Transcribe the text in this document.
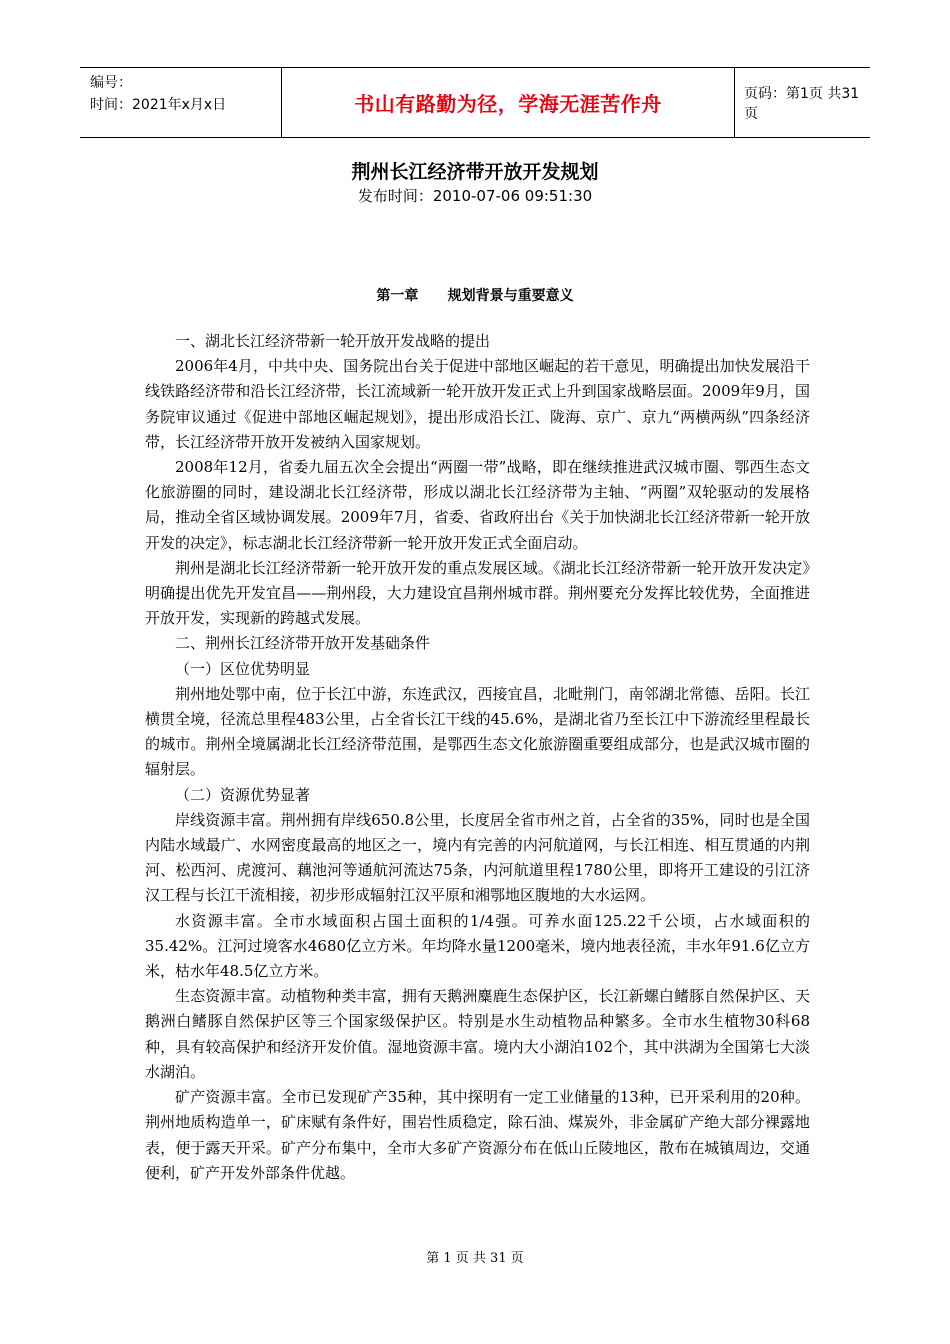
编号：
时间：2021年x月x日	书山有路勤为径，学海无涯苦作舟	页码：第1页 共31页
荆州长江经济带开放开发规划
发布时间：2010-07-06 09:51:30
第一章      规划背景与重要意义

一、湖北长江经济带新一轮开放开发战略的提出

2006年4月，中共中央、国务院出台关于促进中部地区崛起的若干意见，明确提出加快发展沿干线铁路经济带和沿长江经济带，长江流域新一轮开放开发正式上升到国家战略层面。2009年9月，国务院审议通过《促进中部地区崛起规划》，提出形成沿长江、陇海、京广、京九“两横两纵”四条经济带，长江经济带开放开发被纳入国家规划。

2008年12月，省委九届五次全会提出“两圈一带”战略，即在继续推进武汉城市圈、鄂西生态文化旅游圈的同时，建设湖北长江经济带，形成以湖北长江经济带为主轴、“两圈”双轮驱动的发展格局，推动全省区域协调发展。2009年7月，省委、省政府出台《关于加快湖北长江经济带新一轮开放开发的决定》，标志湖北长江经济带新一轮开放开发正式全面启动。

荆州是湖北长江经济带新一轮开放开发的重点发展区域。《湖北长江经济带新一轮开放开发决定》明确提出优先开发宜昌——荆州段，大力建设宜昌荆州城市群。荆州要充分发挥比较优势，全面推进开放开发，实现新的跨越式发展。

二、荆州长江经济带开放开发基础条件

（一）区位优势明显

荆州地处鄂中南，位于长江中游，东连武汉，西接宜昌，北毗荆门，南邻湖北常德、岳阳。长江横贯全境，径流总里程483公里，占全省长江干线的45.6%，是湖北省乃至长江中下游流经里程最长的城市。荆州全境属湖北长江经济带范围，是鄂西生态文化旅游圈重要组成部分，也是武汉城市圈的辐射层。

（二）资源优势显著

岸线资源丰富。荆州拥有岸线650.8公里，长度居全省市州之首，占全省的35%，同时也是全国内陆水域最广、水网密度最高的地区之一，境内有完善的内河航道网，与长江相连、相互贯通的内荆河、松西河、虎渡河、藕池河等通航河流达75条，内河航道里程1780公里，即将开工建设的引江济汉工程与长江干流相接，初步形成辐射江汉平原和湘鄂地区腹地的大水运网。

水资源丰富。全市水域面积占国土面积的1/4强。可养水面125.22千公顷，占水域面积的35.42%。江河过境客水4680亿立方米。年均降水量1200毫米，境内地表径流，丰水年91.6亿立方米，枯水年48.5亿立方米。

生态资源丰富。动植物种类丰富，拥有天鹅洲麋鹿生态保护区，长江新螺白鳍豚自然保护区、天鹅洲白鳍豚自然保护区等三个国家级保护区。特别是水生动植物品种繁多。全市水生植物30科68种，具有较高保护和经济开发价值。湿地资源丰富。境内大小湖泊102个，其中洪湖为全国第七大淡水湖泊。

矿产资源丰富。全市已发现矿产35种，其中探明有一定工业储量的13种，已开采利用的20种。荆州地质构造单一，矿床赋有条件好，围岩性质稳定，除石油、煤炭外，非金属矿产绝大部分裸露地表，便于露天开采。矿产分布集中，全市大多矿产资源分布在低山丘陵地区，散布在城镇周边，交通便利，矿产开发外部条件优越。

第 1 页 共 31 页
